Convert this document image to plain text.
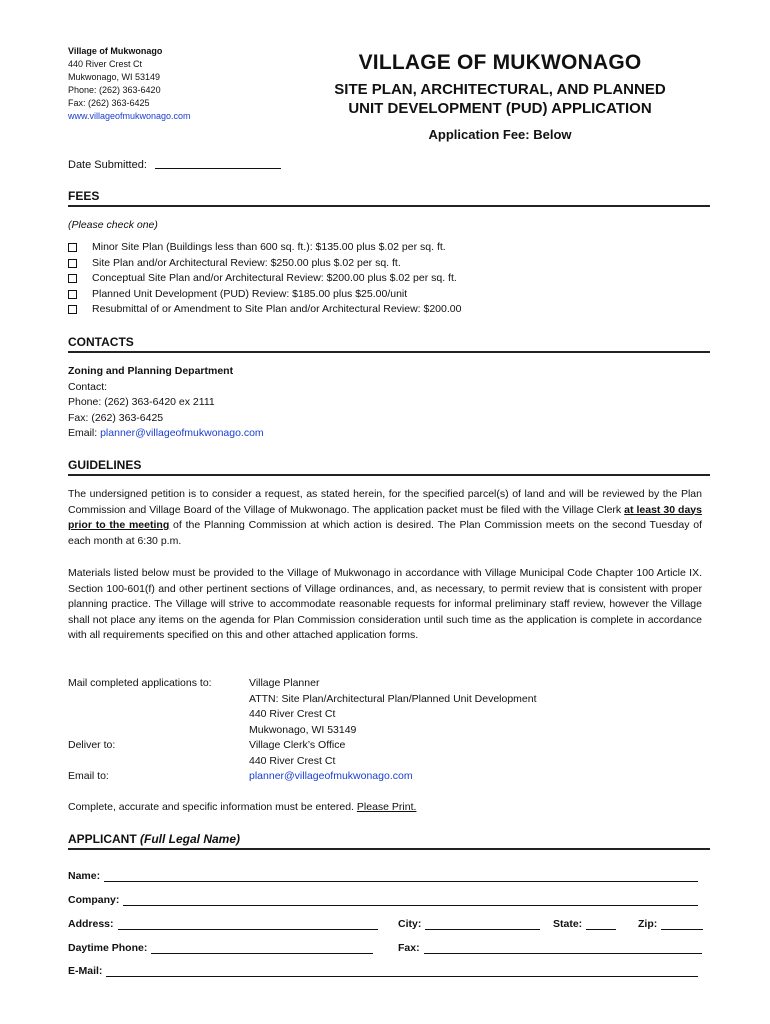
Village of Mukwonago
440 River Crest Ct
Mukwonago, WI 53149
Phone: (262) 363-6420
Fax: (262) 363-6425
www.villageofmukwonago.com
VILLAGE OF MUKWONAGO
SITE PLAN, ARCHITECTURAL, AND PLANNED
UNIT DEVELOPMENT (PUD) APPLICATION
Application Fee: Below
Date Submitted:
FEES
(Please check one)
Minor Site Plan (Buildings less than 600 sq. ft.): $135.00 plus $.02 per sq. ft.
Site Plan and/or Architectural Review: $250.00 plus $.02 per sq. ft.
Conceptual Site Plan and/or Architectural Review: $200.00 plus $.02 per sq. ft.
Planned Unit Development (PUD) Review: $185.00 plus $25.00/unit
Resubmittal of or Amendment to Site Plan and/or Architectural Review: $200.00
CONTACTS
Zoning and Planning Department
Contact:
Phone: (262) 363-6420 ex 2111
Fax: (262) 363-6425
Email: planner@villageofmukwonago.com
GUIDELINES
The undersigned petition is to consider a request, as stated herein, for the specified parcel(s) of land and will be reviewed by the Plan Commission and Village Board of the Village of Mukwonago. The application packet must be filed with the Village Clerk at least 30 days prior to the meeting of the Planning Commission at which action is desired. The Plan Commission meets on the second Tuesday of each month at 6:30 p.m.
Materials listed below must be provided to the Village of Mukwonago in accordance with Village Municipal Code Chapter 100 Article IX. Section 100-601(f) and other pertinent sections of Village ordinances, and, as necessary, to permit review that is consistent with proper planning practice. The Village will strive to accommodate reasonable requests for informal preliminary staff review, however the Village shall not place any items on the agenda for Plan Commission consideration until such time as the application is complete in accordance with all requirements specified on this and other attached application forms.
Mail completed applications to:	Village Planner
ATTN: Site Plan/Architectural Plan/Planned Unit Development
440 River Crest Ct
Mukwonago, WI 53149
Deliver to:	Village Clerk’s Office
440 River Crest Ct
Email to:	planner@villageofmukwonago.com
Complete, accurate and specific information must be entered. Please Print.
APPLICANT (Full Legal Name)
Name:
Company:
Address:	City:	State:	Zip:
Daytime Phone:	Fax:
E-Mail:
